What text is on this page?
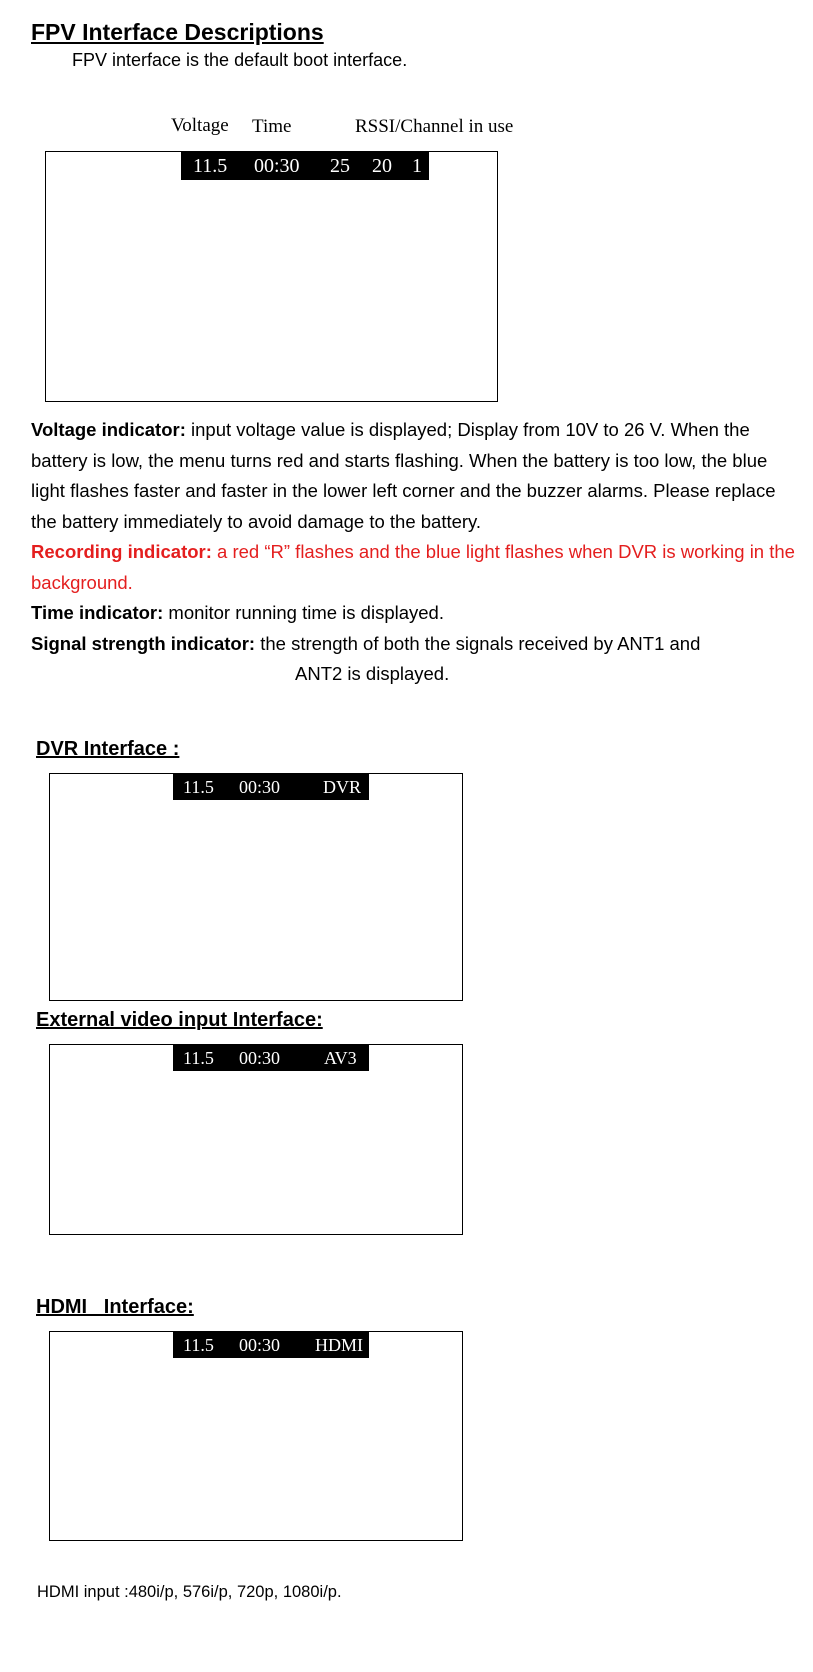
FPV Interface Descriptions
FPV interface is the default boot interface.
Voltage Time	RSSI/Channel in use
11.5 00:30 25 20 1

Voltage indicator: input voltage value is displayed; Display from 10V to 26 V. When the battery is low, the menu turns red and starts flashing. When the battery is too low, the blue light flashes faster and faster in the lower left corner and the buzzer alarms. Please replace the battery immediately to avoid damage to the battery.

Recording indicator: a red “R” flashes and the blue light flashes when DVR is working in the background.

Time indicator: monitor running time is displayed.

Signal strength indicator: the strength of both the signals received by ANT1 and

ANT2 is displayed.

DVR Interface :
11.5 00:30 DVR
External video input Interface:
11.5 00:30 AV3
HDMI   Interface:
11.5 00:30 HDMI
HDMI input :480i/p, 576i/p, 720p, 1080i/p.
